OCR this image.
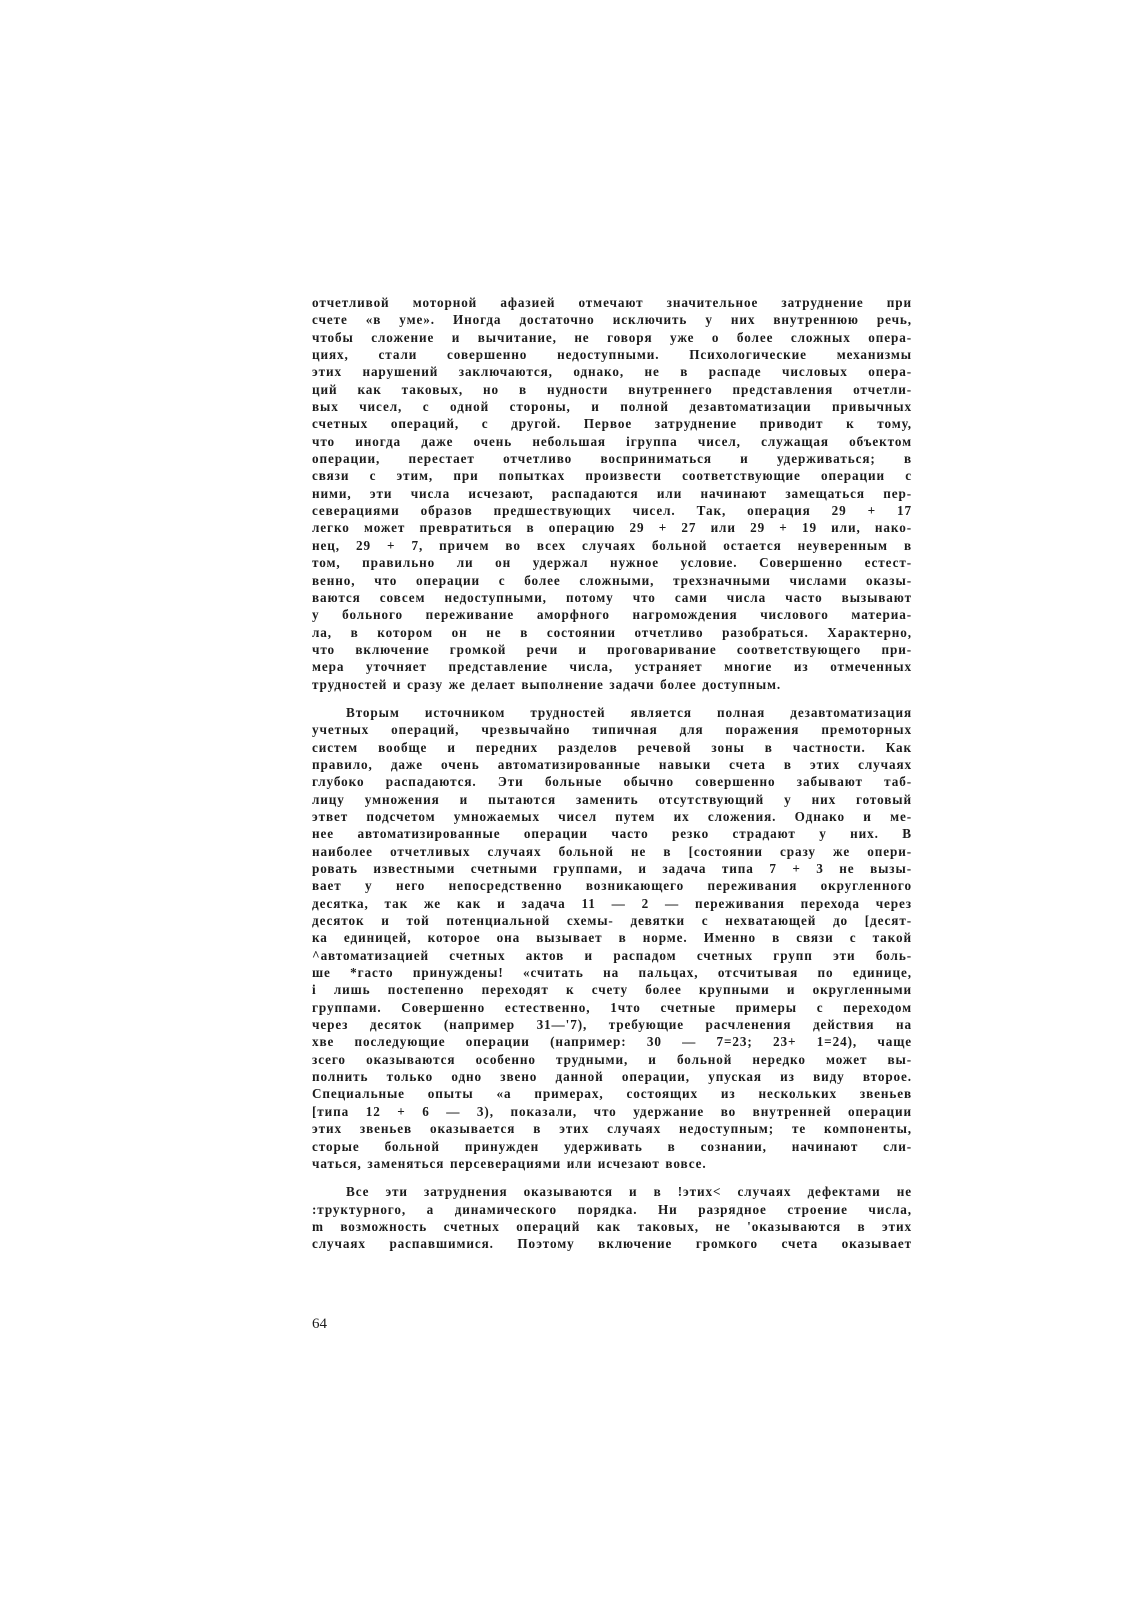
отчетливой моторной афазией отмечают значительное затруднение при
счете «в уме». Иногда достаточно исключить у них внутреннюю речь,
чтобы сложение и вычитание, не говоря уже о более сложных опера-
циях, стали совершенно недоступными. Психологические механизмы
этих нарушений заключаются, однако, не в распаде числовых опера-
ций как таковых, но в нудности внутреннего представления отчетли-
вых чисел, с одной стороны, и полной дезавтоматизации привычных
счетных операций, с другой. Первое затруднение приводит к тому,
что иногда даже очень небольшая iгруппа чисел, служащая объектом
операции, перестает отчетливо восприниматься и удерживаться; в
связи с этим, при попытках произвести соответствующие операции с
ними, эти числа исчезают, распадаются или начинают замещаться пер-
северациями образов предшествующих чисел. Так, операция 29 + 17
легко может превратиться в операцию 29 + 27 или 29 + 19 или, нако-
нец, 29 + 7, причем во всех случаях больной остается неуверенным в
том, правильно ли он удержал нужное условие. Совершенно естест-
венно, что операции с более сложными, трехзначными числами оказы-
ваются совсем недоступными, потому что сами числа часто вызывают
у больного переживание аморфного нагромождения числового материа-
ла, в котором он не в состоянии отчетливо разобраться. Характерно,
что включение громкой речи и проговаривание соответствующего при-
мера уточняет представление числа, устраняет многие из отмеченных
трудностей и сразу же делает выполнение задачи более доступным.
Вторым источником трудностей является полная дезавтоматизация
учетных операций, чрезвычайно типичная для поражения премоторных
систем вообще и передних разделов речевой зоны в частности. Как
правило, даже очень автоматизированные навыки счета в этих случаях
глубоко распадаются. Эти больные обычно совершенно забывают таб-
лицу умножения и пытаются заменить отсутствующий у них готовый
этвет подсчетом умножаемых чисел путем их сложения. Однако и ме-
нее автоматизированные операции часто резко страдают у них. В
наиболее отчетливых случаях больной не в [состоянии сразу же опери-
ровать известными счетными группами, и задача типа 7 + 3 не вызы-
вает у него непосредственно возникающего переживания округленного
десятка, так же как и задача 11 — 2 — переживания перехода через
десяток и той потенциальной схемы- девятки с нехватающей до [десят-
ка единицей, которое она вызывает в норме. Именно в связи с такой
^автоматизацией счетных актов и распадом счетных групп эти боль-
ше *гасто принуждены! «считать на пальцах, отсчитывая по единице,
i лишь постепенно переходят к счету более крупными и округленными
группами. Совершенно естественно, 1что счетные примеры с переходом
через десяток (например 31—'7), требующие расчленения действия на
хве последующие операции (например: 30 — 7=23; 23+ 1=24), чаще
зсего оказываются особенно трудными, и больной нередко может вы-
полнить только одно звено данной операции, упуская из виду второе.
Специальные опыты «а примерах, состоящих из нескольких звеньев
[типа 12 + 6 — 3), показали, что удержание во внутренней операции
этих звеньев оказывается в этих случаях недоступным; те компоненты,
сторые больной принужден удерживать в сознании, начинают сли-
чаться, заменяться персеверациями или исчезают вовсе.
Все эти затруднения оказываются и в !этих< случаях дефектами не
:труктурного, а динамического порядка. Ни разрядное строение числа,
m возможность счетных операций как таковых, не 'оказываются в этих
случаях распавшимися. Поэтому включение громкого счета оказывает
64
